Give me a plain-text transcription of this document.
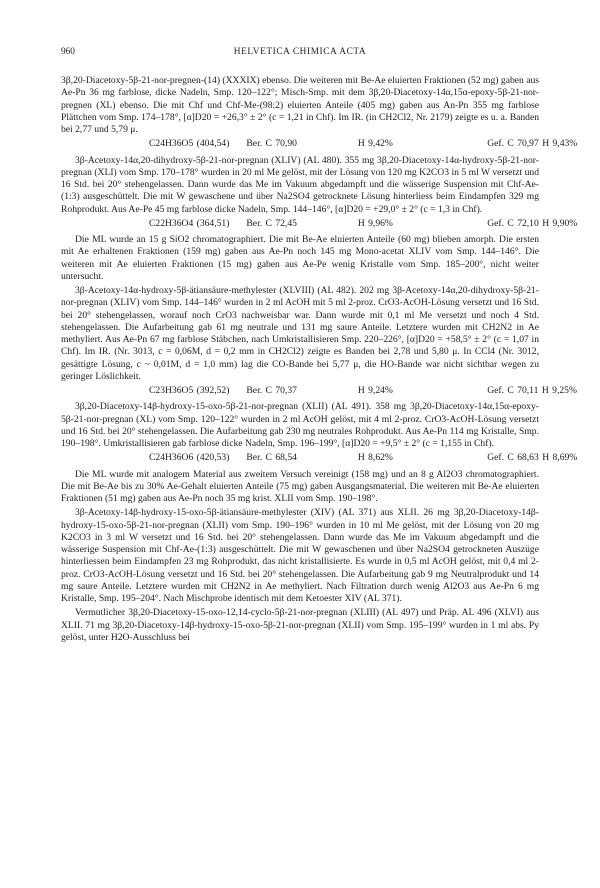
960	HELVETICA CHIMICA ACTA

3β,20-Diacetoxy-5β-21-nor-pregnen-(14) (XXXIX) ebenso. Die weiteren mit Be-Ae eluierten Fraktionen (52 mg) gaben aus Ae-Pn 36 mg farblose, dicke Nadeln, Smp. 120–122°; Misch-Smp. mit dem 3β,20-Diacetoxy-14α,15α-epoxy-5β-21-nor-pregnen (XL) ebenso. Die mit Chf und Chf-Me-(98:2) eluierten Anteile (405 mg) gaben aus An-Pn 355 mg farblose Plättchen vom Smp. 174–178°, [α]D20 = +26,3° ± 2° (c = 1,21 in Chf). Im IR. (in CH2Cl2, Nr. 2179) zeigte es u. a. Banden bei 2,77 und 5,79 μ.

C24H36O5 (404,54) Ber. C 70,90	H 9,42%	Gef. C 70,97 H 9,43%

3β-Acetoxy-14α,20-dihydroxy-5β-21-nor-pregnan (XLIV) (AL 480). 355 mg 3β,20-Diacetoxy-14α-hydroxy-5β-21-nor-pregnan (XLI) vom Smp. 170–178° wurden in 20 ml Me gelöst, mit der Lösung von 120 mg K2CO3 in 5 ml W versetzt und 16 Std. bei 20° stehengelassen. Dann wurde das Me im Vakuum abgedampft und die wässerige Suspension mit Chf-Ae-(1:3) ausgeschüttelt. Die mit W gewaschene und über Na2SO4 getrocknete Lösung hinterliess beim Eindampfen 329 mg Rohprodukt. Aus Ae-Pe 45 mg farblose dicke Nadeln, Smp. 144–146°, [α]D20 = +29,0° ± 2° (c = 1,3 in Chf).

C22H36O4 (364,51) Ber. C 72,45	H 9,96%	Gef. C 72,10 H 9,90%

Die ML wurde an 15 g SiO2 chromatographiert. Die mit Be-Ae eluierten Anteile (60 mg) blieben amorph. Die ersten mit Ae erhaltenen Fraktionen (159 mg) gaben aus Ae-Pn noch 145 mg Mono-acetat XLIV vom Smp. 144–146°. Die weiteren mit Ae eluierten Fraktionen (15 mg) gaben aus Ae-Pe wenig Kristalle vom Smp. 185–200°, nicht weiter untersucht.

3β-Acetoxy-14α-hydroxy-5β-ätiansäure-methylester (XLVIII) (AL 482). 202 mg 3β-Acetoxy-14α,20-dihydroxy-5β-21-nor-pregnan (XLIV) vom Smp. 144–146° wurden in 2 ml AcOH mit 5 ml 2-proz. CrO3-AcOH-Lösung versetzt und 16 Std. bei 20° stehengelassen, worauf noch CrO3 nachweisbar war. Dann wurde mit 0,1 ml Me versetzt und noch 4 Std. stehengelassen. Die Aufarbeitung gab 61 mg neutrale und 131 mg saure Anteile. Letztere wurden mit CH2N2 in Ae methyliert. Aus Ae-Pn 67 mg farblose Stäbchen, nach Umkristallisieren Smp. 220–226°, [α]D20 = +58,5° ± 2° (c = 1,07 in Chf). Im IR. (Nr. 3013, c = 0,06M, d = 0,2 mm in CH2Cl2) zeigte es Banden bei 2,78 und 5,80 μ. In CCl4 (Nr. 3012, gesättigte Lösung, c ~ 0,01M, d = 1,0 mm) lag die CO-Bande bei 5,77 μ, die HO-Bande war nicht sichtbar wegen zu geringer Löslichkeit.

C23H36O5 (392,52) Ber. C 70,37	H 9,24%	Gef. C 70,11 H 9,25%

3β,20-Diacetoxy-14β-hydroxy-15-oxo-5β-21-nor-pregnan (XLII) (AL 491). 358 mg 3β,20-Diacetoxy-14α,15α-epoxy-5β-21-nor-pregnan (XL) vom Smp. 120–122° wurden in 2 ml AcOH gelöst, mit 4 ml 2-proz. CrO3-AcOH-Lösung versetzt und 16 Std. bei 20° stehengelassen. Die Aufarbeitung gab 230 mg neutrales Rohprodukt. Aus Ae-Pn 114 mg Kristalle, Smp. 190–198°. Umkristallisieren gab farblose dicke Nadeln, Smp. 196–199°, [α]D20 = +9,5° ± 2° (c = 1,155 in Chf).

C24H36O6 (420,53) Ber. C 68,54	H 8,62%	Gef. C 68,63 H 8,69%

Die ML wurde mit analogem Material aus zweitem Versuch vereinigt (158 mg) und an 8 g Al2O3 chromatographiert. Die mit Be-Ae bis zu 30% Ae-Gehalt eluierten Anteile (75 mg) gaben Ausgangsmaterial. Die weiteren mit Be-Ae eluierten Fraktionen (51 mg) gaben aus Ae-Pn noch 35 mg krist. XLII vom Smp. 190–198°.

3β-Acetoxy-14β-hydroxy-15-oxo-5β-ätiansäure-methylester (XIV) (AL 371) aus XLII. 26 mg 3β,20-Diacetoxy-14β-hydroxy-15-oxo-5β-21-nor-pregnan (XLII) vom Smp. 190–196° wurden in 10 ml Me gelöst, mit der Lösung von 20 mg K2CO3 in 3 ml W versetzt und 16 Std. bei 20° stehengelassen. Dann wurde das Me im Vakuum abgedampft und die wässerige Suspension mit Chf-Ae-(1:3) ausgeschüttelt. Die mit W gewaschenen und über Na2SO4 getrockneten Auszüge hinterliessen beim Eindampfen 23 mg Rohprodukt, das nicht kristallisierte. Es wurde in 0,5 ml AcOH gelöst, mit 0,4 ml 2-proz. CrO3-AcOH-Lösung versetzt und 16 Std. bei 20° stehengelassen. Die Aufarbeitung gab 9 mg Neutralprodukt und 14 mg saure Anteile. Letztere wurden mit CH2N2 in Ae methyliert. Nach Filtration durch wenig Al2O3 aus Ae-Pn 6 mg Kristalle, Smp. 195–204°. Nach Mischprobe identisch mit dem Ketoester XIV (AL 371).

Vermutlicher 3β,20-Diacetoxy-15-oxo-12,14-cyclo-5β-21-nor-pregnan (XLIII) (AL 497) und Präp. AL 496 (XLVI) aus XLII. 71 mg 3β,20-Diacetoxy-14β-hydroxy-15-oxo-5β-21-nor-pregnan (XLII) vom Smp. 195–199° wurden in 1 ml abs. Py gelöst, unter H2O-Ausschluss bei
